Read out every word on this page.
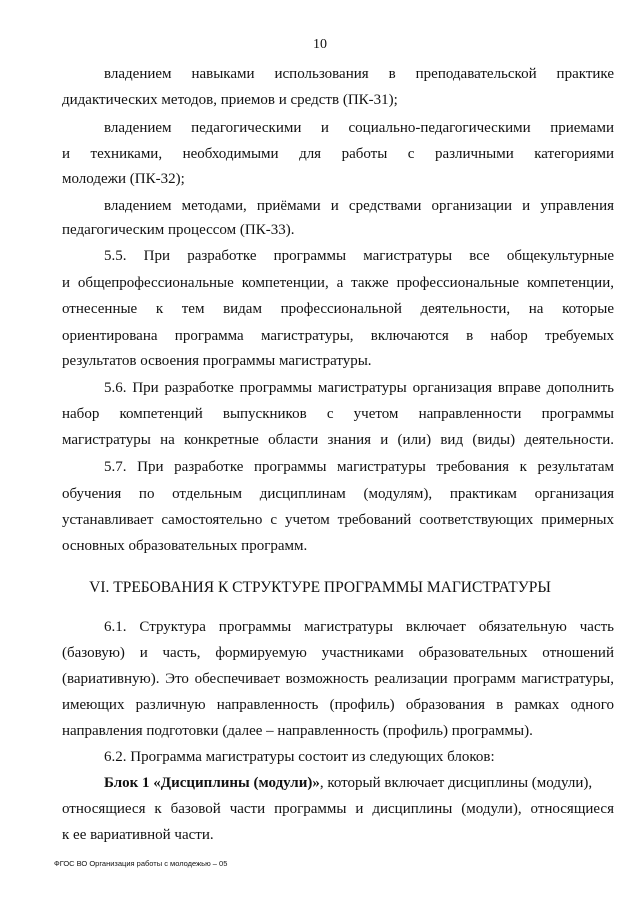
10
владением навыками использования в преподавательской практике
дидактических методов, приемов и средств (ПК-31);
владением педагогическими и социально-педагогическими приемами
и техниками, необходимыми для работы с различными категориями
молодежи (ПК-32);
владением методами, приёмами и средствами организации и управления
педагогическим процессом (ПК-33).
5.5. При разработке программы магистратуры все общекультурные
и общепрофессиональные компетенции, а также профессиональные компетенции,
отнесенные к тем видам профессиональной деятельности, на которые
ориентирована программа магистратуры, включаются в набор требуемых
результатов освоения программы магистратуры.
5.6. При разработке программы магистратуры организация вправе дополнить
набор компетенций выпускников с учетом направленности программы
магистратуры на конкретные области знания и (или) вид (виды) деятельности.
5.7. При разработке программы магистратуры требования к результатам
обучения по отдельным дисциплинам (модулям), практикам организация
устанавливает самостоятельно с учетом требований соответствующих примерных
основных образовательных программ.
VI. ТРЕБОВАНИЯ К СТРУКТУРЕ ПРОГРАММЫ МАГИСТРАТУРЫ
6.1. Структура программы магистратуры включает обязательную часть
(базовую) и часть, формируемую участниками образовательных отношений
(вариативную). Это обеспечивает возможность реализации программ магистратуры,
имеющих различную направленность (профиль) образования в рамках одного
направления подготовки (далее – направленность (профиль) программы).
6.2. Программа магистратуры состоит из следующих блоков:
Блок 1 «Дисциплины (модули)», который включает дисциплины (модули),
относящиеся к базовой части программы и дисциплины (модули), относящиеся
к ее вариативной части.
ФГОС ВО Организация работы с молодежью – 05
